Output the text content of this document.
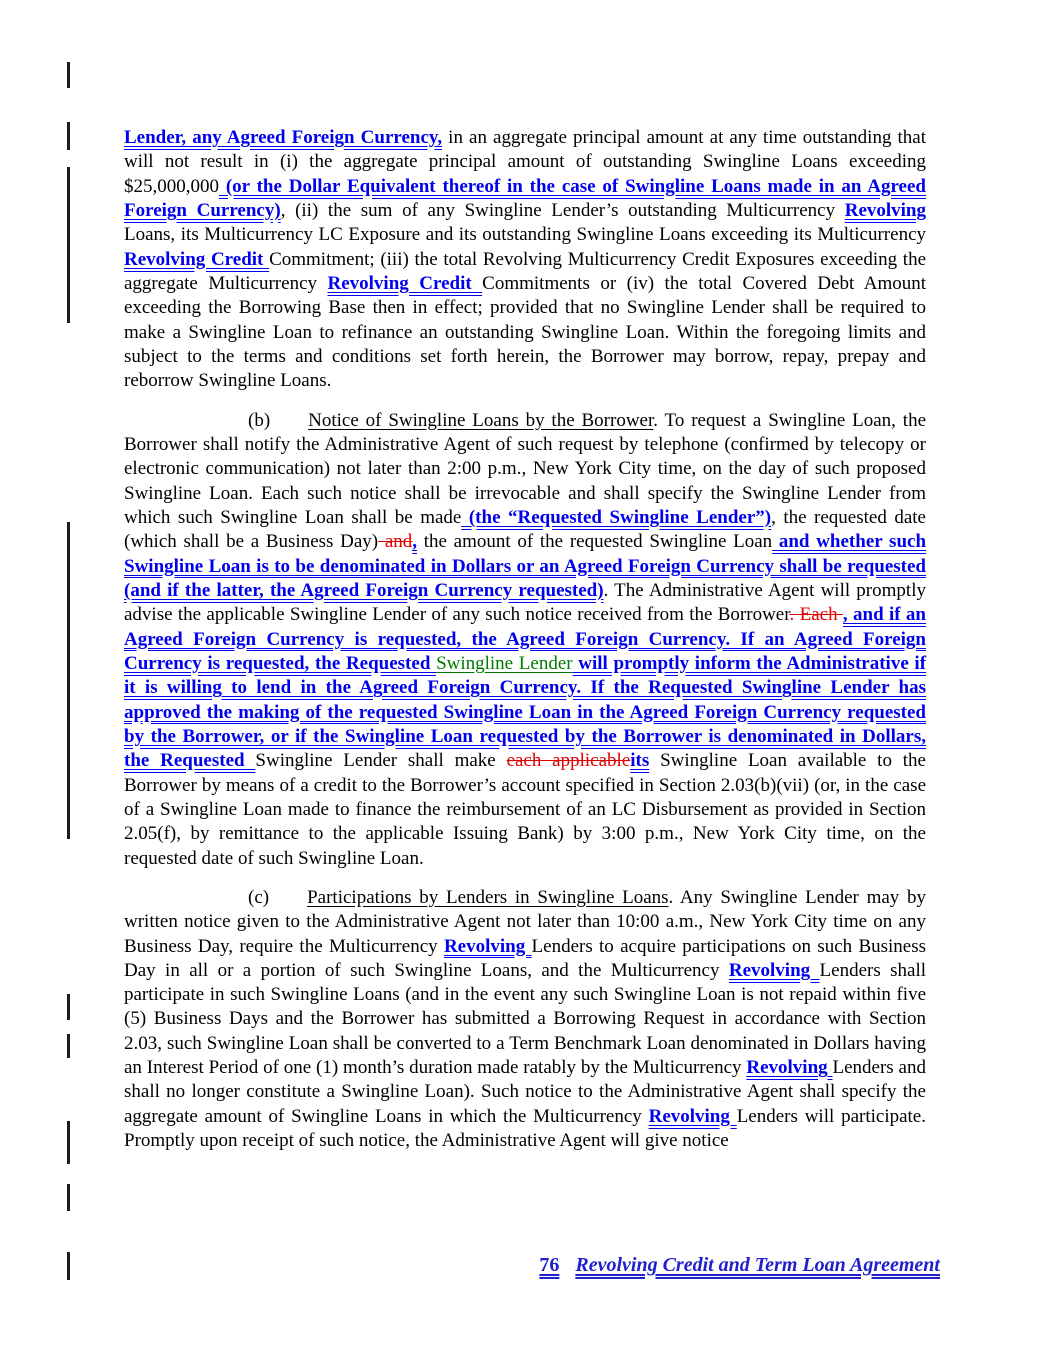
Lender, any Agreed Foreign Currency, in an aggregate principal amount at any time outstanding that will not result in (i) the aggregate principal amount of outstanding Swingline Loans exceeding $25,000,000 (or the Dollar Equivalent thereof in the case of Swingline Loans made in an Agreed Foreign Currency), (ii) the sum of any Swingline Lender’s outstanding Multicurrency Revolving Loans, its Multicurrency LC Exposure and its outstanding Swingline Loans exceeding its Multicurrency Revolving Credit Commitment; (iii) the total Revolving Multicurrency Credit Exposures exceeding the aggregate Multicurrency Revolving Credit Commitments or (iv) the total Covered Debt Amount exceeding the Borrowing Base then in effect; provided that no Swingline Lender shall be required to make a Swingline Loan to refinance an outstanding Swingline Loan. Within the foregoing limits and subject to the terms and conditions set forth herein, the Borrower may borrow, repay, prepay and reborrow Swingline Loans.

(b) Notice of Swingline Loans by the Borrower. To request a Swingline Loan, the Borrower shall notify the Administrative Agent of such request by telephone (confirmed by telecopy or electronic communication) not later than 2:00 p.m., New York City time, on the day of such proposed Swingline Loan. Each such notice shall be irrevocable and shall specify the Swingline Lender from which such Swingline Loan shall be made (the “Requested Swingline Lender”), the requested date (which shall be a Business Day) and, the amount of the requested Swingline Loan and whether such Swingline Loan is to be denominated in Dollars or an Agreed Foreign Currency shall be requested (and if the latter, the Agreed Foreign Currency requested). The Administrative Agent will promptly advise the applicable Swingline Lender of any such notice received from the Borrower. Each , and if an Agreed Foreign Currency is requested, the Agreed Foreign Currency. If an Agreed Foreign Currency is requested, the Requested Swingline Lender will promptly inform the Administrative if it is willing to lend in the Agreed Foreign Currency. If the Requested Swingline Lender has approved the making of the requested Swingline Loan in the Agreed Foreign Currency requested by the Borrower, or if the Swingline Loan requested by the Borrower is denominated in Dollars, the Requested Swingline Lender shall make each applicableits Swingline Loan available to the Borrower by means of a credit to the Borrower’s account specified in Section 2.03(b)(vii) (or, in the case of a Swingline Loan made to finance the reimbursement of an LC Disbursement as provided in Section 2.05(f), by remittance to the applicable Issuing Bank) by 3:00 p.m., New York City time, on the requested date of such Swingline Loan.

(c) Participations by Lenders in Swingline Loans. Any Swingline Lender may by written notice given to the Administrative Agent not later than 10:00 a.m., New York City time on any Business Day, require the Multicurrency Revolving Lenders to acquire participations on such Business Day in all or a portion of such Swingline Loans, and the Multicurrency Revolving Lenders shall participate in such Swingline Loans (and in the event any such Swingline Loan is not repaid within five (5) Business Days and the Borrower has submitted a Borrowing Request in accordance with Section 2.03, such Swingline Loan shall be converted to a Term Benchmark Loan denominated in Dollars having an Interest Period of one (1) month’s duration made ratably by the Multicurrency Revolving Lenders and shall no longer constitute a Swingline Loan). Such notice to the Administrative Agent shall specify the aggregate amount of Swingline Loans in which the Multicurrency Revolving Lenders will participate. Promptly upon receipt of such notice, the Administrative Agent will give notice

76 Revolving Credit and Term Loan Agreement
